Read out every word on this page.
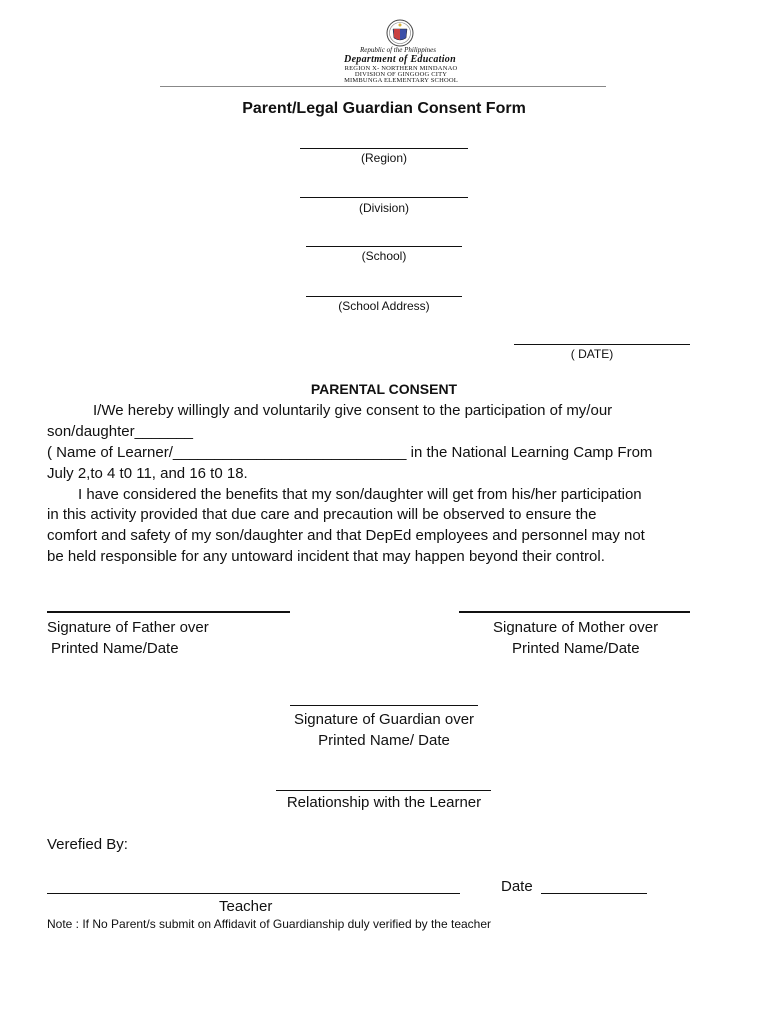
Republic of the Philippines
Department of Education
REGION X- NORTHERN MINDANAO
DIVISION OF GINGOOG CITY
MIMBUNGA ELEMENTARY SCHOOL
Parent/Legal Guardian Consent Form
(Region)
(Division)
(School)
(School Address)
( DATE)
PARENTAL CONSENT
I/We hereby willingly and voluntarily give consent to the participation of my/our
son/daughter_______
( Name of Learner/____________________________ in the National Learning Camp From
July 2,to 4 t0 11, and 16 t0 18.
I have considered the benefits that my son/daughter will get from his/her participation
in this activity provided that due care and precaution will be observed to ensure the
comfort and safety of my son/daughter and that DepEd employees and personnel may not
be held responsible for any untoward incident that may happen beyond their control.
Signature of Father over
Printed Name/Date
Signature of Mother over
Printed Name/Date
Signature of Guardian over
Printed Name/ Date
Relationship with the Learner
Verefied By:
Date
Teacher
Note : If No Parent/s submit on Affidavit of Guardianship duly verified by the teacher
